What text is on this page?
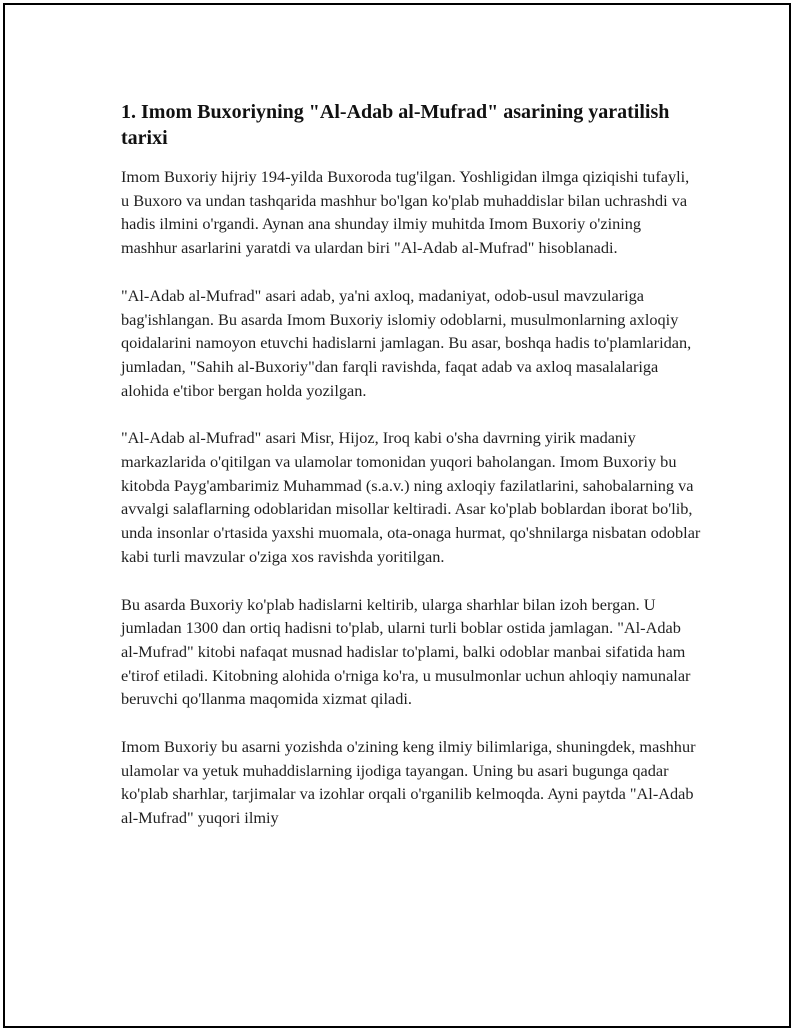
1. Imom Buxoriyning "Al-Adab al-Mufrad" asarining yaratilish tarixi

Imom Buxoriy hijriy 194-yilda Buxoroda tug'ilgan. Yoshligidan ilmga qiziqishi tufayli, u Buxoro va undan tashqarida mashhur bo'lgan ko'plab muhaddislar bilan uchrashdi va hadis ilmini o'rgandi. Aynan ana shunday ilmiy muhitda Imom Buxoriy o'zining mashhur asarlarini yaratdi va ulardan biri "Al-Adab al-Mufrad" hisoblanadi.

"Al-Adab al-Mufrad" asari adab, ya'ni axloq, madaniyat, odob-usul mavzulariga bag'ishlangan. Bu asarda Imom Buxoriy islomiy odoblarni, musulmonlarning axloqiy qoidalarini namoyon etuvchi hadislarni jamlagan. Bu asar, boshqa hadis to'plamlaridan, jumladan, "Sahih al-Buxoriy"dan farqli ravishda, faqat adab va axloq masalalariga alohida e'tibor bergan holda yozilgan.

"Al-Adab al-Mufrad" asari Misr, Hijoz, Iroq kabi o'sha davrning yirik madaniy markazlarida o'qitilgan va ulamolar tomonidan yuqori baholangan. Imom Buxoriy bu kitobda Payg'ambarimiz Muhammad (s.a.v.) ning axloqiy fazilatlarini, sahobalarning va avvalgi salaflarning odoblaridan misollar keltiradi. Asar ko'plab boblardan iborat bo'lib, unda insonlar o'rtasida yaxshi muomala, ota-onaga hurmat, qo'shnilarga nisbatan odoblar kabi turli mavzular o'ziga xos ravishda yoritilgan.

Bu asarda Buxoriy ko'plab hadislarni keltirib, ularga sharhlar bilan izoh bergan. U jumladan 1300 dan ortiq hadisni to'plab, ularni turli boblar ostida jamlagan. "Al-Adab al-Mufrad" kitobi nafaqat musnad hadislar to'plami, balki odoblar manbai sifatida ham e'tirof etiladi. Kitobning alohida o'rniga ko'ra, u musulmonlar uchun ahloqiy namunalar beruvchi qo'llanma maqomida xizmat qiladi.

Imom Buxoriy bu asarni yozishda o'zining keng ilmiy bilimlariga, shuningdek, mashhur ulamolar va yetuk muhaddislarning ijodiga tayangan. Uning bu asari bugunga qadar ko'plab sharhlar, tarjimalar va izohlar orqali o'rganilib kelmoqda. Ayni paytda "Al-Adab al-Mufrad" yuqori ilmiy
